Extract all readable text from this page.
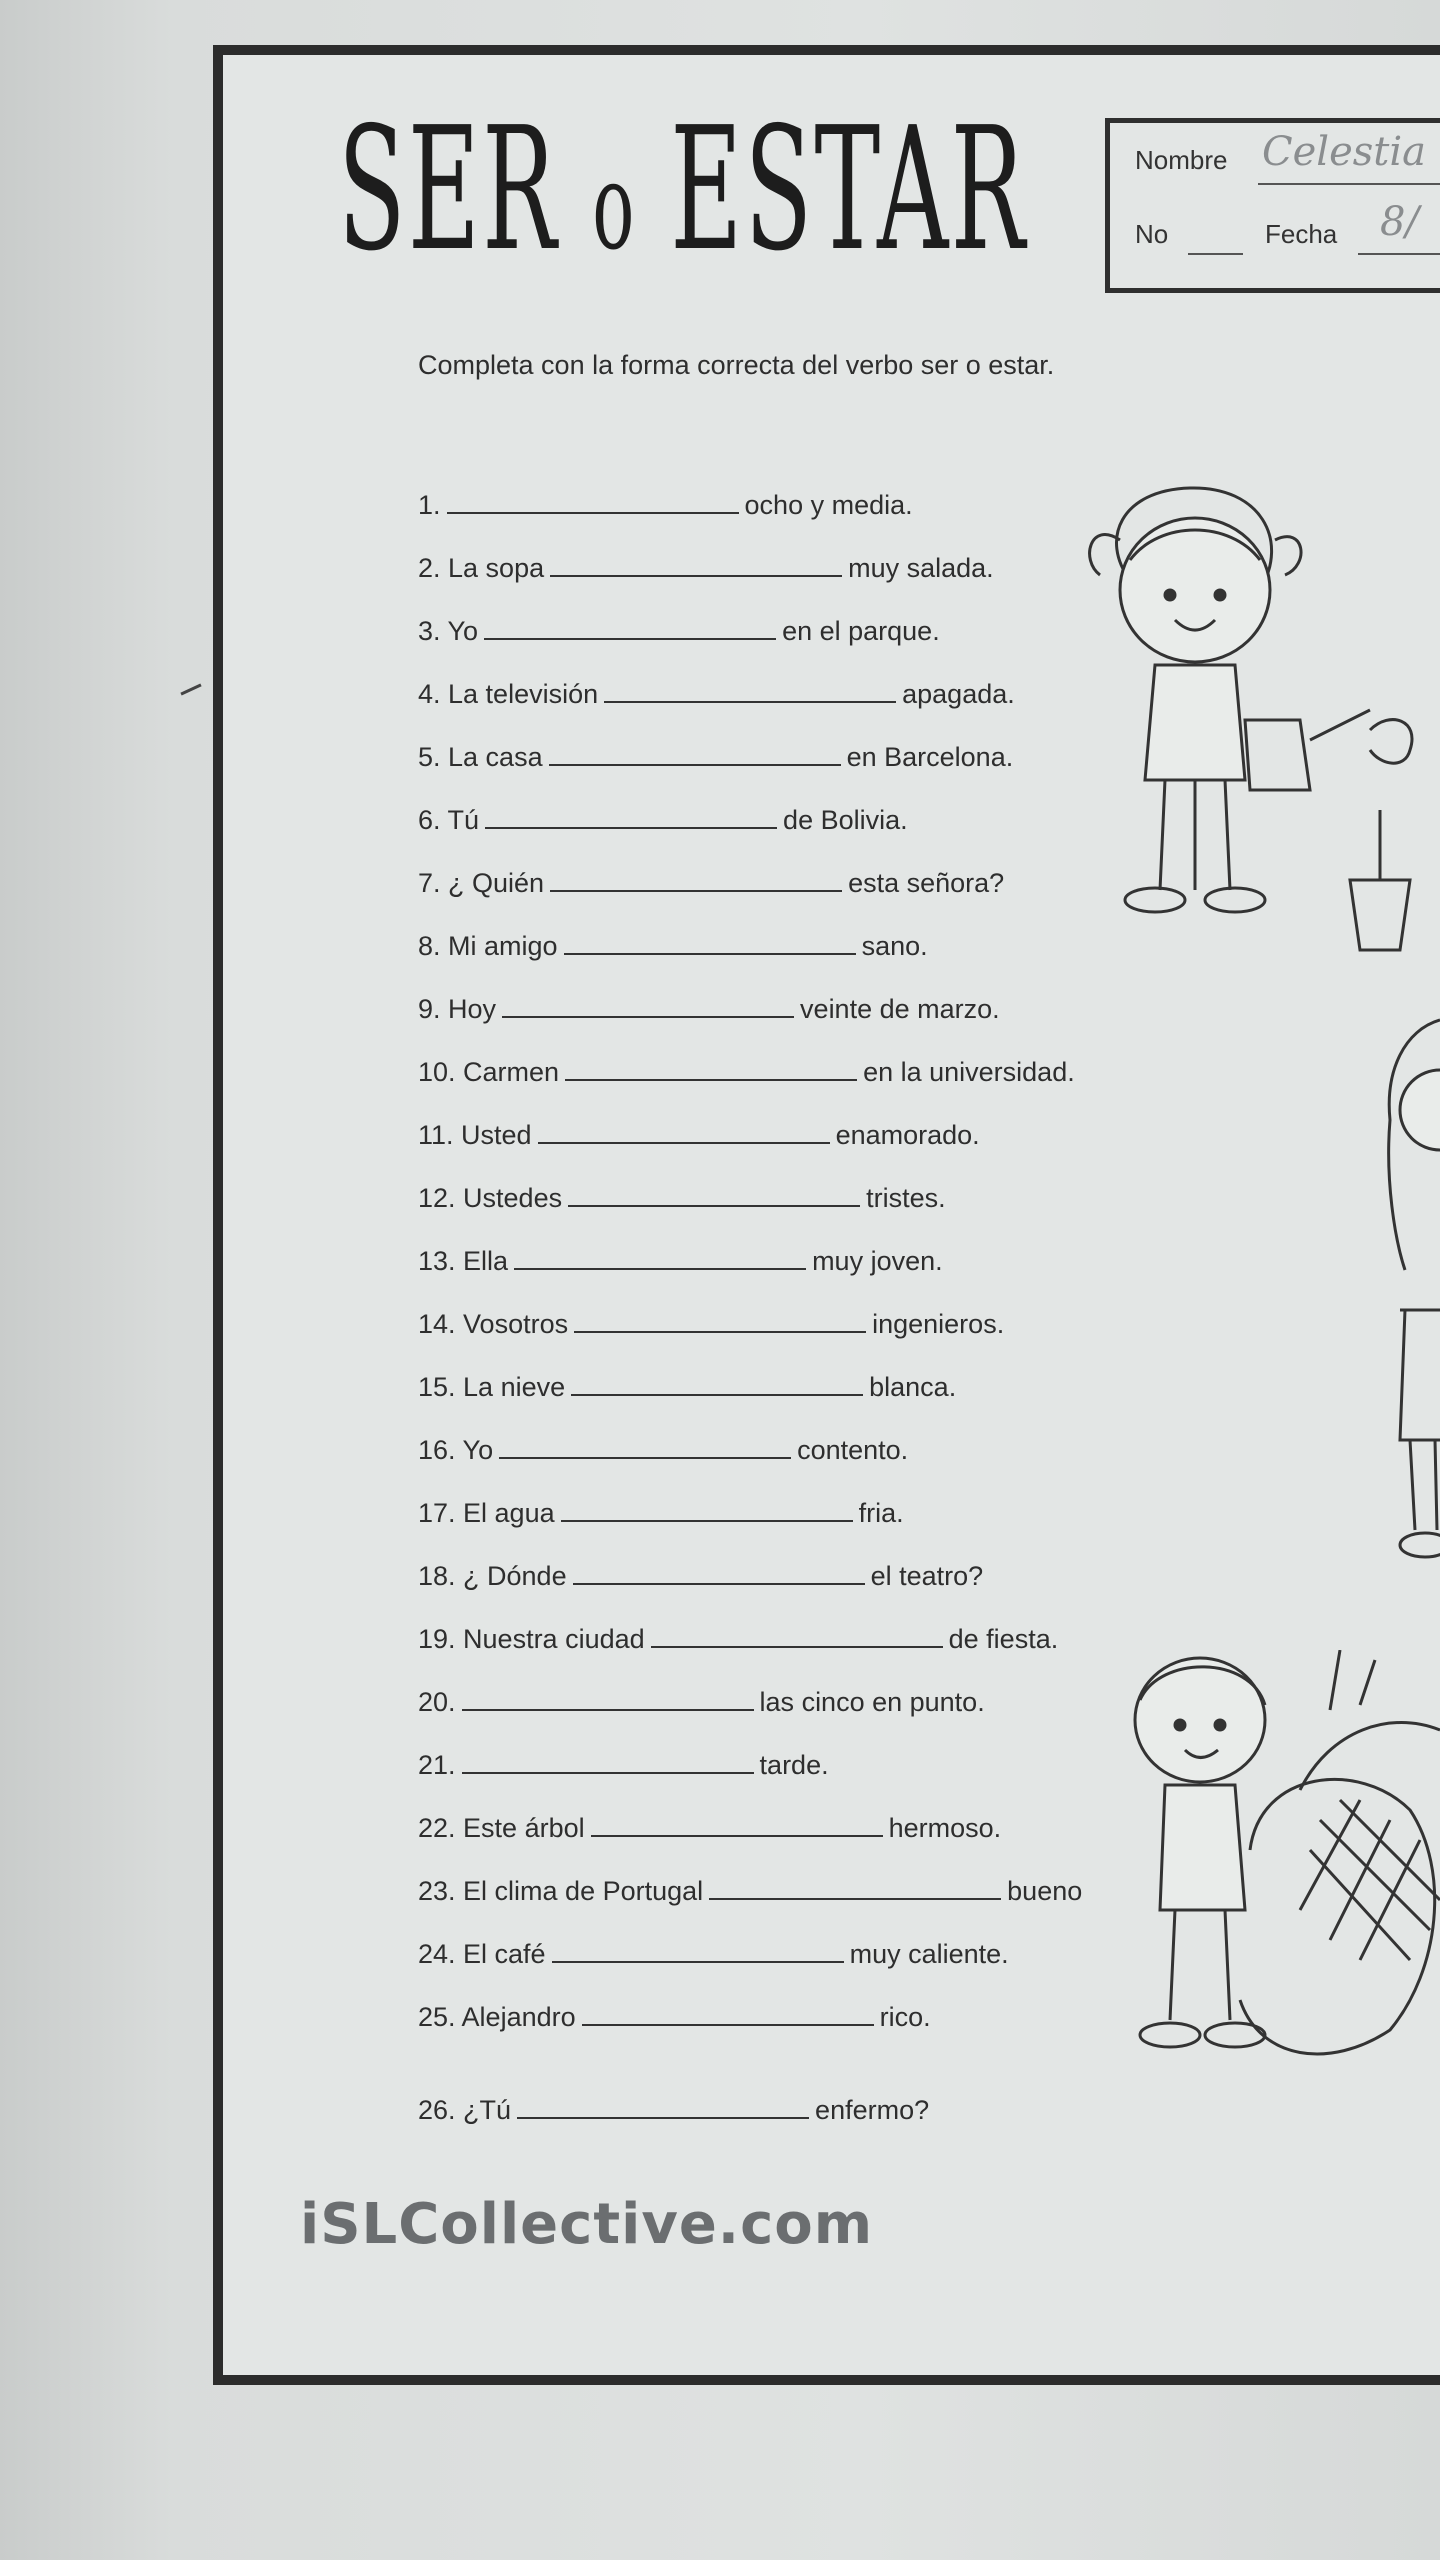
SER o ESTAR	Nombre Celestia
No	Fecha 8/
Completa con la forma correcta del verbo ser o estar.
1.	ocho y media.
2. La sopa	muy salada.
3. Yo	en el parque.
4. La televisión	apagada.
5. La casa	en Barcelona.
6. Tú	de Bolivia.
7. ¿ Quién	esta señora?
8. Mi amigo	sano.
9. Hoy	veinte de marzo.
10. Carmen	en la universidad.
11. Usted	enamorado.
12. Ustedes	tristes.
13. Ella	muy joven.
14. Vosotros	ingenieros.
15. La nieve	blanca.
16. Yo	contento.
17. El agua	fria.
18. ¿ Dónde	el teatro?
19. Nuestra ciudad	de fiesta.
20.	las cinco en punto.
21.	tarde.
22. Este árbol	hermoso.
23. El clima de Portugal	bueno
24. El café	muy caliente.
25. Alejandro	rico.
26. ¿Tú	enfermo?
iSLCollective.com
